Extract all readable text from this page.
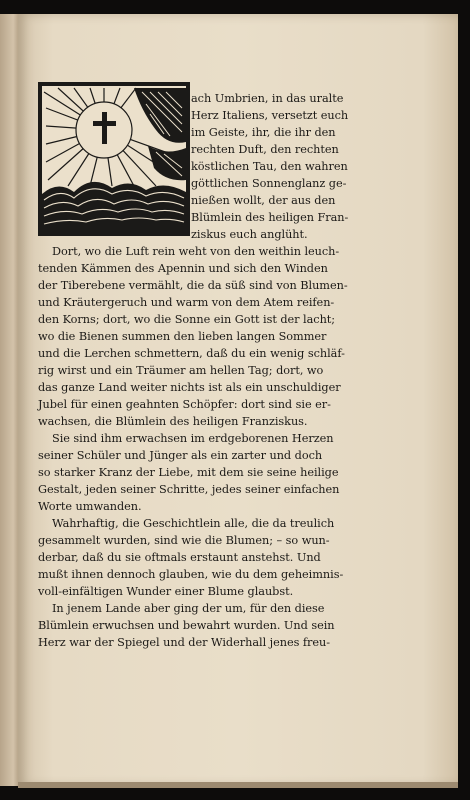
ach Umbrien, in das uralte
Herz Italiens, versetzt euch
im Geiste, ihr, die ihr den
rechten Duft, den rechten
köstlichen Tau, den wahren
göttlichen Sonnenglanz ge-
nießen wollt, der aus den
Blümlein des heiligen Fran-
ziskus euch anglüht.
Dort, wo die Luft rein weht von den weithin leuch-
tenden Kämmen des Apennin und sich den Winden
der Tiberebene vermählt, die da süß sind von Blumen-
und Kräutergeruch und warm von dem Atem reifen-
den Korns; dort, wo die Sonne ein Gott ist der lacht;
wo die Bienen summen den lieben langen Sommer
und die Lerchen schmettern, daß du ein wenig schläf-
rig wirst und ein Träumer am hellen Tag; dort, wo
das ganze Land weiter nichts ist als ein unschuldiger
Jubel für einen geahnten Schöpfer: dort sind sie er-
wachsen, die Blümlein des heiligen Franziskus.
Sie sind ihm erwachsen im erdgeborenen Herzen
seiner Schüler und Jünger als ein zarter und doch
so starker Kranz der Liebe, mit dem sie seine heilige
Gestalt, jeden seiner Schritte, jedes seiner einfachen
Worte umwanden.
Wahrhaftig, die Geschichtlein alle, die da treulich
gesammelt wurden, sind wie die Blumen; – so wun-
derbar, daß du sie oftmals erstaunt anstehst. Und
mußt ihnen dennoch glauben, wie du dem geheimnis-
voll-einfältigen Wunder einer Blume glaubst.
In jenem Lande aber ging der um, für den diese
Blümlein erwuchsen und bewahrt wurden. Und sein
Herz war der Spiegel und der Widerhall jenes freu-
